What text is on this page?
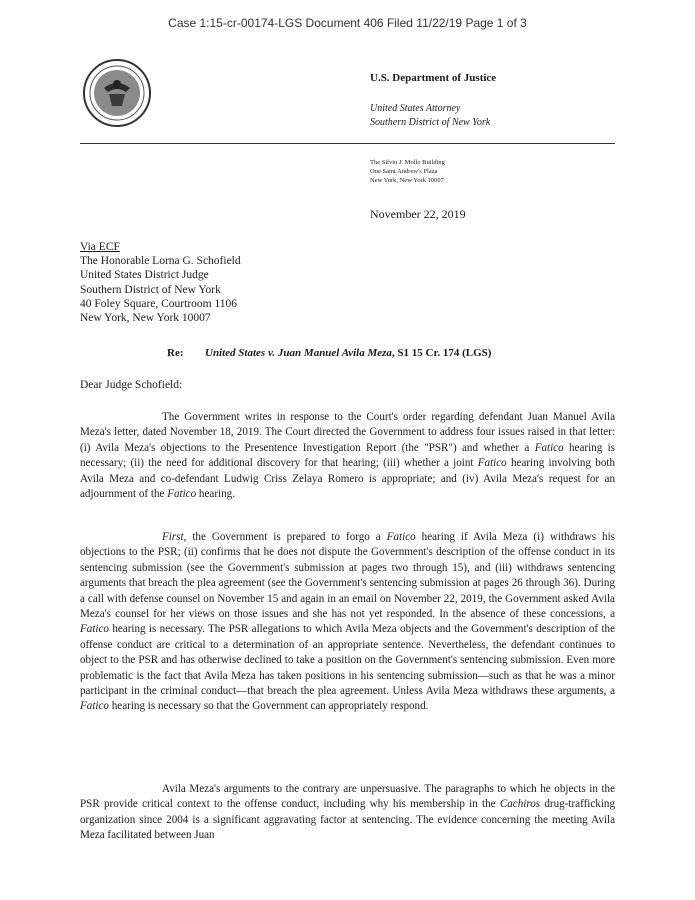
Case 1:15-cr-00174-LGS Document 406 Filed 11/22/19 Page 1 of 3
U.S. Department of Justice
United States Attorney
Southern District of New York
The Silvio J. Mollo Building
One Saint Andrew's Plaza
New York, New York 10007
November 22, 2019
Via ECF
The Honorable Lorna G. Schofield
United States District Judge
Southern District of New York
40 Foley Square, Courtroom 1106
New York, New York 10007
Re: United States v. Juan Manuel Avila Meza, S1 15 Cr. 174 (LGS)
Dear Judge Schofield:

The Government writes in response to the Court's order regarding defendant Juan Manuel Avila Meza's letter, dated November 18, 2019. The Court directed the Government to address four issues raised in that letter: (i) Avila Meza's objections to the Presentence Investigation Report (the "PSR") and whether a Fatico hearing is necessary; (ii) the need for additional discovery for that hearing; (iii) whether a joint Fatico hearing involving both Avila Meza and co-defendant Ludwig Criss Zelaya Romero is appropriate; and (iv) Avila Meza's request for an adjournment of the Fatico hearing.

First, the Government is prepared to forgo a Fatico hearing if Avila Meza (i) withdraws his objections to the PSR; (ii) confirms that he does not dispute the Government's description of the offense conduct in its sentencing submission (see the Government's submission at pages two through 15), and (iii) withdraws sentencing arguments that breach the plea agreement (see the Government's sentencing submission at pages 26 through 36). During a call with defense counsel on November 15 and again in an email on November 22, 2019, the Government asked Avila Meza's counsel for her views on those issues and she has not yet responded. In the absence of these concessions, a Fatico hearing is necessary. The PSR allegations to which Avila Meza objects and the Government's description of the offense conduct are critical to a determination of an appropriate sentence. Nevertheless, the defendant continues to object to the PSR and has otherwise declined to take a position on the Government's sentencing submission. Even more problematic is the fact that Avila Meza has taken positions in his sentencing submission—such as that he was a minor participant in the criminal conduct—that breach the plea agreement. Unless Avila Meza withdraws these arguments, a Fatico hearing is necessary so that the Government can appropriately respond.

Avila Meza's arguments to the contrary are unpersuasive. The paragraphs to which he objects in the PSR provide critical context to the offense conduct, including why his membership in the Cachiros drug-trafficking organization since 2004 is a significant aggravating factor at sentencing. The evidence concerning the meeting Avila Meza facilitated between Juan
